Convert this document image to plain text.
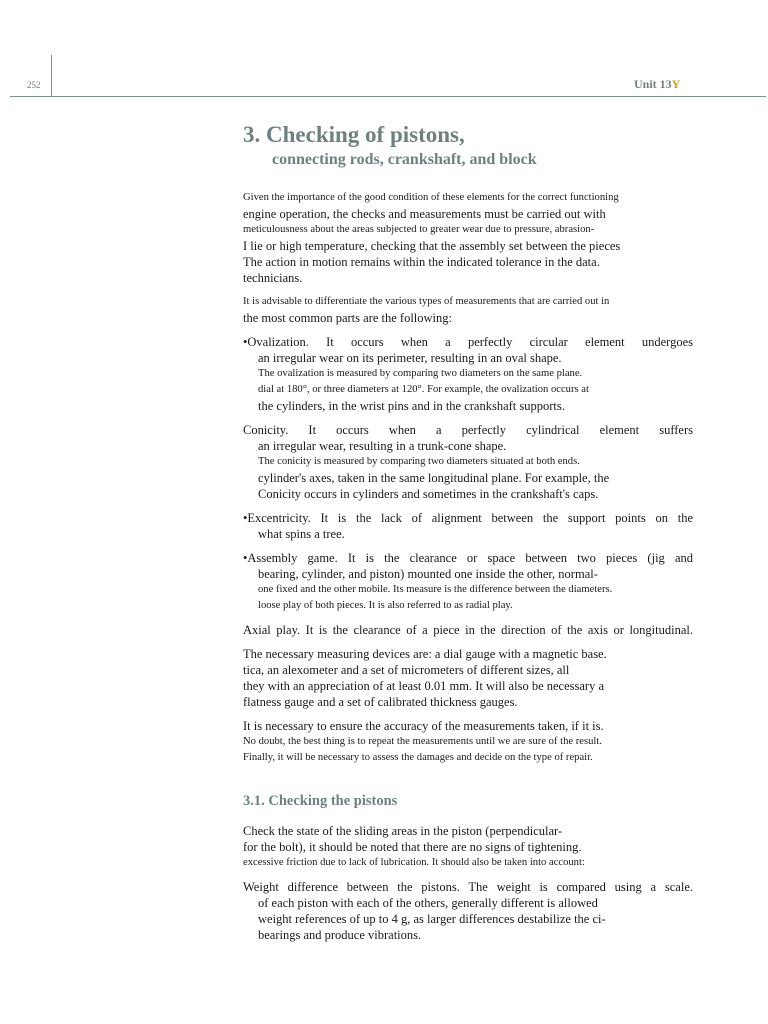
252	Unit 13Y
3. Checking of pistons,

connecting rods, crankshaft, and block

Given the importance of the good condition of these elements for the correct functioning
engine operation, the checks and measurements must be carried out with
meticulousness about the areas subjected to greater wear due to pressure, abrasion-
I lie or high temperature, checking that the assembly set between the pieces
The action in motion remains within the indicated tolerance in the data.
technicians.
It is advisable to differentiate the various types of measurements that are carried out in
the most common parts are the following:
•Ovalization. It occurs when a perfectly circular element undergoes
an irregular wear on its perimeter, resulting in an oval shape.
The ovalization is measured by comparing two diameters on the same plane.
dial at 180°, or three diameters at 120°. For example, the ovalization occurs at
the cylinders, in the wrist pins and in the crankshaft supports.
Conicity. It occurs when a perfectly cylindrical element suffers
an irregular wear, resulting in a trunk-cone shape.
The conicity is measured by comparing two diameters situated at both ends.
cylinder's axes, taken in the same longitudinal plane. For example, the
Conicity occurs in cylinders and sometimes in the crankshaft's caps.
•Excentricity. It is the lack of alignment between the support points on the
what spins a tree.
•Assembly game. It is the clearance or space between two pieces (jig and
bearing, cylinder, and piston) mounted one inside the other, normal-
one fixed and the other mobile. Its measure is the difference between the diameters.
loose play of both pieces. It is also referred to as radial play.
Axial play. It is the clearance of a piece in the direction of the axis or longitudinal.
The necessary measuring devices are: a dial gauge with a magnetic base.
tica, an alexometer and a set of micrometers of different sizes, all
they with an appreciation of at least 0.01 mm. It will also be necessary a
flatness gauge and a set of calibrated thickness gauges.
It is necessary to ensure the accuracy of the measurements taken, if it is.
No doubt, the best thing is to repeat the measurements until we are sure of the result.
Finally, it will be necessary to assess the damages and decide on the type of repair.
3.1. Checking the pistons
Check the state of the sliding areas in the piston (perpendicular-
for the bolt), it should be noted that there are no signs of tightening.
excessive friction due to lack of lubrication. It should also be taken into account:
Weight difference between the pistons. The weight is compared using a scale.
of each piston with each of the others, generally different is allowed
weight references of up to 4 g, as larger differences destabilize the ci-
bearings and produce vibrations.
